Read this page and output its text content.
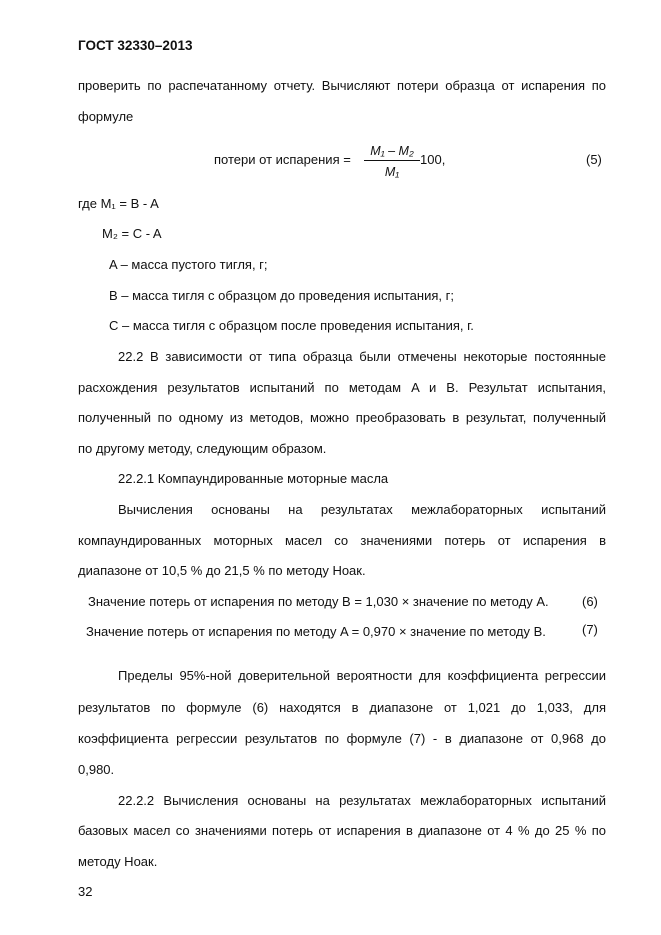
ГОСТ 32330–2013
проверить по распечатанному отчету. Вычисляют потери образца от испарения по
формуле
потери от испарения =
M₁ – M₂
M₁
100,	(5)
где M₁ = B - A
M₂ = C - A
A – масса пустого тигля, г;
B – масса тигля с образцом до проведения испытания, г;
C – масса тигля с образцом после проведения испытания, г.
22.2 В зависимости от типа образца были отмечены некоторые постоянные
расхождения результатов испытаний по методам A и B. Результат испытания,
полученный по одному из методов, можно преобразовать в результат, полученный
по другому методу, следующим образом.
22.2.1 Компаундированные моторные масла
Вычисления основаны на результатах межлабораторных испытаний
компаундированных моторных масел со значениями потерь от испарения в
диапазоне от 10,5 % до 21,5 % по методу Ноак.
Значение потерь от испарения по методу B = 1,030 × значение по методу A.	(6)
Значение потерь от испарения по методу A = 0,970 × значение по методу B.	(7)
Пределы 95%-ной доверительной вероятности для коэффициента регрессии
результатов по формуле (6) находятся в диапазоне от 1,021 до 1,033, для
коэффициента регрессии результатов по формуле (7) - в диапазоне от 0,968 до
0,980.
22.2.2 Вычисления основаны на результатах межлабораторных испытаний
базовых масел со значениями потерь от испарения в диапазоне от 4 % до 25 % по
методу Ноак.
32
